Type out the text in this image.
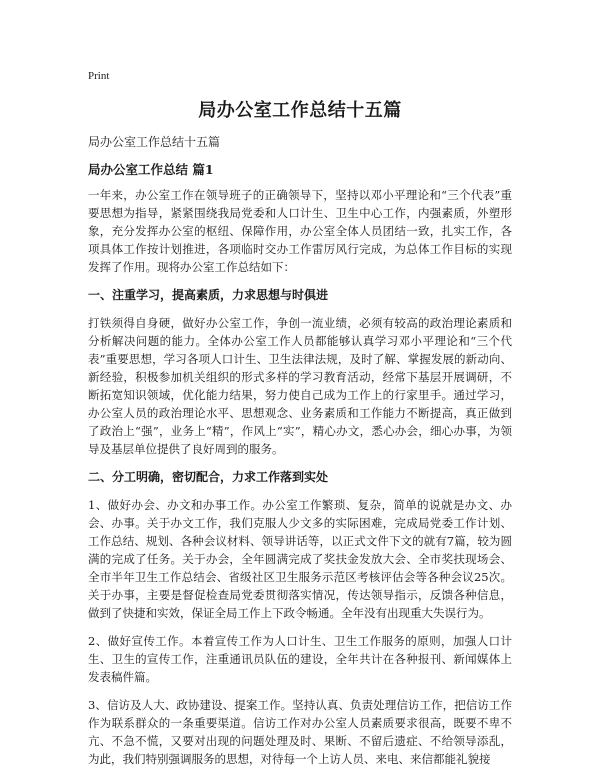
Print
局办公室工作总结十五篇
局办公室工作总结十五篇
局办公室工作总结 篇1

一年来，办公室工作在领导班子的正确领导下，坚持以邓小平理论和“三个代表”重要思想为指导，紧紧围绕我局党委和人口计生、卫生中心工作，内强素质，外塑形象，充分发挥办公室的枢纽、保障作用，办公室全体人员团结一致，扎实工作，各项具体工作按计划推进，各项临时交办工作雷厉风行完成，为总体工作目标的实现发挥了作用。现将办公室工作总结如下：

一、注重学习，提高素质，力求思想与时俱进

打铁须得自身硬，做好办公室工作，争创一流业绩，必须有较高的政治理论素质和分析解决问题的能力。全体办公室工作人员都能够认真学习邓小平理论和“三个代表”重要思想，学习各项人口计生、卫生法律法规，及时了解、掌握发展的新动向、新经验，积极参加机关组织的形式多样的学习教育活动，经常下基层开展调研，不断拓宽知识领域，优化能力结果，努力使自己成为工作上的行家里手。通过学习，办公室人员的政治理论水平、思想观念、业务素质和工作能力不断提高，真正做到了政治上“强”，业务上“精”，作风上“实”，精心办文，悉心办会，细心办事，为领导及基层单位提供了良好周到的服务。

二、分工明确，密切配合，力求工作落到实处

1、做好办会、办文和办事工作。办公室工作繁琐、复杂，简单的说就是办文、办会、办事。关于办文工作，我们克服人少文多的实际困难，完成局党委工作计划、工作总结、规划、各种会议材料、领导讲话等，以正式文件下文的就有7篇，较为圆满的完成了任务。关于办会，全年圆满完成了奖扶金发放大会、全市奖扶现场会、全市半年卫生工作总结会、省级社区卫生服务示范区考核评估会等各种会议25次。关于办事，主要是督促检查局党委贯彻落实情况，传达领导指示，反馈各种信息，做到了快捷和实效，保证全局工作上下政令畅通。全年没有出现重大失误行为。

2、做好宣传工作。本着宣传工作为人口计生、卫生工作服务的原则，加强人口计生、卫生的宣传工作，注重通讯员队伍的建设，全年共计在各种报刊、新闻媒体上发表稿件篇。

3、信访及人大、政协建设、提案工作。坚持认真、负责处理信访工作，把信访工作作为联系群众的一条重要渠道。信访工作对办公室人员素质要求很高，既要不卑不亢、不急不慌，又要对出现的问题处理及时、果断、不留后遗症、不给领导添乱，为此，我们特别强调服务的思想，对待每一个上访人员、来电、来信都能礼貌接
